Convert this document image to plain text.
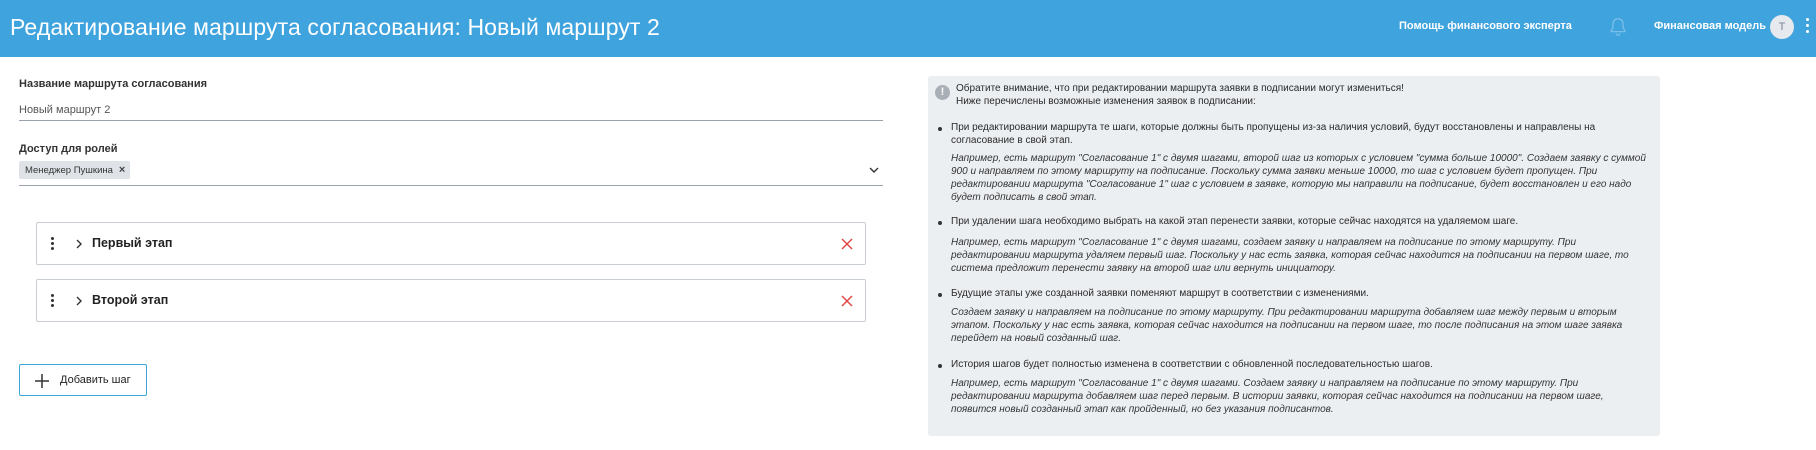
Редактирование маршрута согласования: Новый маршрут 2	Помощь финансового эксперта	Финансовая модель	Т
Название маршрута согласования
Новый маршрут 2
Доступ для ролей
Менеджер Пушкина ×
Первый этап
Второй этап
Добавить шаг
!	Обратите внимание, что при редактировании маршрута заявки в подписании могут измениться!
Ниже перечислены возможные изменения заявок в подписании:
При редактировании маршрута те шаги, которые должны быть пропущены из-за наличия условий, будут восстановлены и направлены на согласование в свой этап.
Например, есть маршрут "Согласование 1" с двумя шагами, второй шаг из которых с условием "сумма больше 10000". Создаем заявку с суммой 900 и направляем по этому маршруту на подписание. Поскольку сумма заявки меньше 10000, то шаг с условием будет пропущен. При редактировании маршрута "Согласование 1" шаг с условием в заявке, которую мы направили на подписание, будет восстановлен и его надо будет подписать в свой этап.
При удалении шага необходимо выбрать на какой этап перенести заявки, которые сейчас находятся на удаляемом шаге.
Например, есть маршрут "Согласование 1" с двумя шагами, создаем заявку и направляем на подписание по этому маршруту. При редактировании маршрута удаляем первый шаг. Поскольку у нас есть заявка, которая сейчас находится на подписании на первом шаге, то система предложит перенести заявку на второй шаг или вернуть инициатору.
Будущие этапы уже созданной заявки поменяют маршрут в соответствии с изменениями.
Создаем заявку и направляем на подписание по этому маршруту. При редактировании маршрута добавляем шаг между первым и вторым этапом. Поскольку у нас есть заявка, которая сейчас находится на подписании на первом шаге, то после подписания на этом шаге заявка перейдет на новый созданный шаг.
История шагов будет полностью изменена в соответствии с обновленной последовательностью шагов.
Например, есть маршрут "Согласование 1" с двумя шагами. Создаем заявку и направляем на подписание по этому маршруту. При редактировании маршрута добавляем шаг перед первым. В истории заявки, которая сейчас находится на подписании на первом шаге, появится новый созданный этап как пройденный, но без указания подписантов.
